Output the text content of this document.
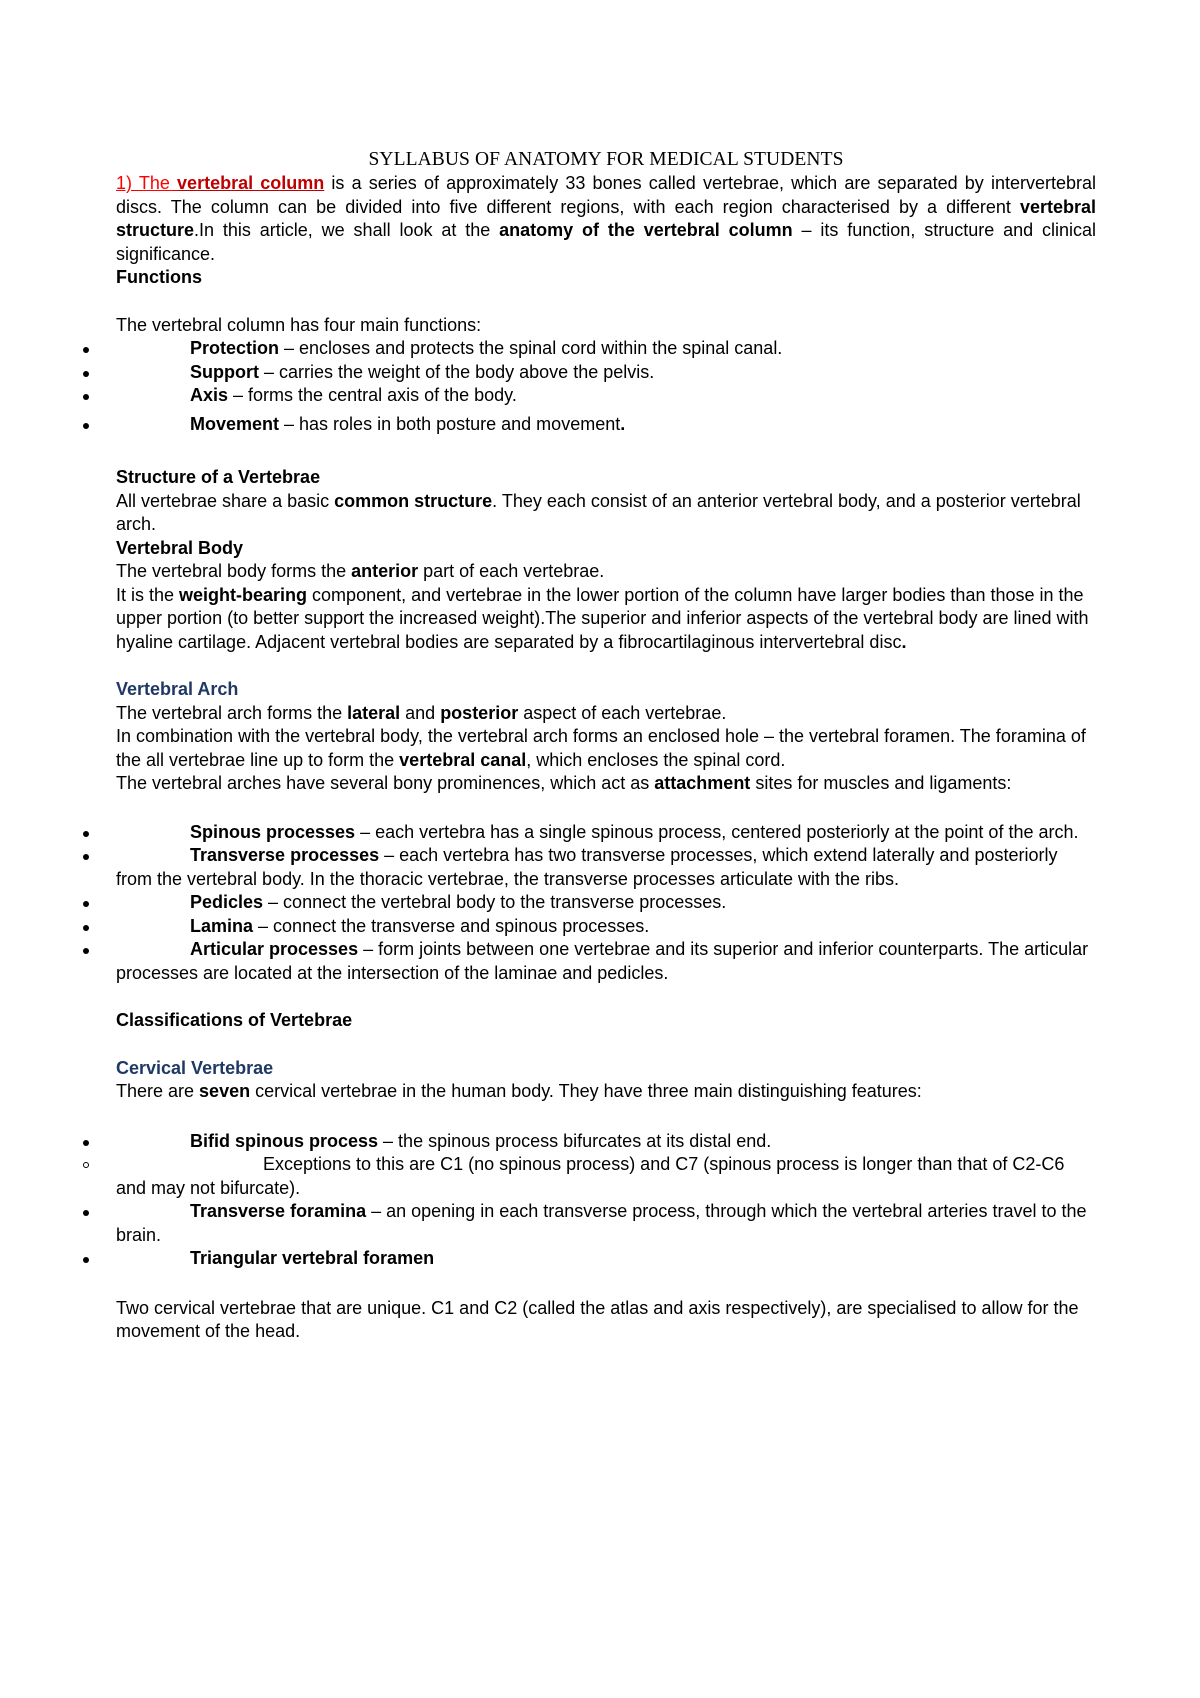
SYLLABUS OF ANATOMY FOR MEDICAL STUDENTS

1) The vertebral column is a series of approximately 33 bones called vertebrae, which are separated by intervertebral discs. The column can be divided into five different regions, with each region characterised by a different vertebral structure.In this article, we shall look at the anatomy of the vertebral column – its function, structure and clinical significance.

Functions

The vertebral column has four main functions:

Protection – encloses and protects the spinal cord within the spinal canal.
Support – carries the weight of the body above the pelvis.
Axis – forms the central axis of the body.
Movement – has roles in both posture and movement.

Structure of a Vertebrae

All vertebrae share a basic common structure. They each consist of an anterior vertebral body, and a posterior vertebral arch.

Vertebral Body

The vertebral body forms the anterior part of each vertebrae.

It is the weight-bearing component, and vertebrae in the lower portion of the column have larger bodies than those in the upper portion (to better support the increased weight).The superior and inferior aspects of the vertebral body are lined with hyaline cartilage. Adjacent vertebral bodies are separated by a fibrocartilaginous intervertebral disc.

Vertebral Arch

The vertebral arch forms the lateral and posterior aspect of each vertebrae.

In combination with the vertebral body, the vertebral arch forms an enclosed hole – the vertebral foramen. The foramina of the all vertebrae line up to form the vertebral canal, which encloses the spinal cord.

The vertebral arches have several bony prominences, which act as attachment sites for muscles and ligaments:

Spinous processes – each vertebra has a single spinous process, centered posteriorly at the point of the arch.
Transverse processes – each vertebra has two transverse processes, which extend laterally and posteriorly from the vertebral body. In the thoracic vertebrae, the transverse processes articulate with the ribs.
Pedicles – connect the vertebral body to the transverse processes.
Lamina – connect the transverse and spinous processes.
Articular processes – form joints between one vertebrae and its superior and inferior counterparts. The articular processes are located at the intersection of the laminae and pedicles.

Classifications of Vertebrae

Cervical Vertebrae

There are seven cervical vertebrae in the human body. They have three main distinguishing features:

Bifid spinous process – the spinous process bifurcates at its distal end.
Exceptions to this are C1 (no spinous process) and C7 (spinous process is longer than that of C2-C6 and may not bifurcate).
Transverse foramina – an opening in each transverse process, through which the vertebral arteries travel to the brain.
Triangular vertebral foramen

Two cervical vertebrae that are unique. C1 and C2 (called the atlas and axis respectively), are specialised to allow for the movement of the head.
